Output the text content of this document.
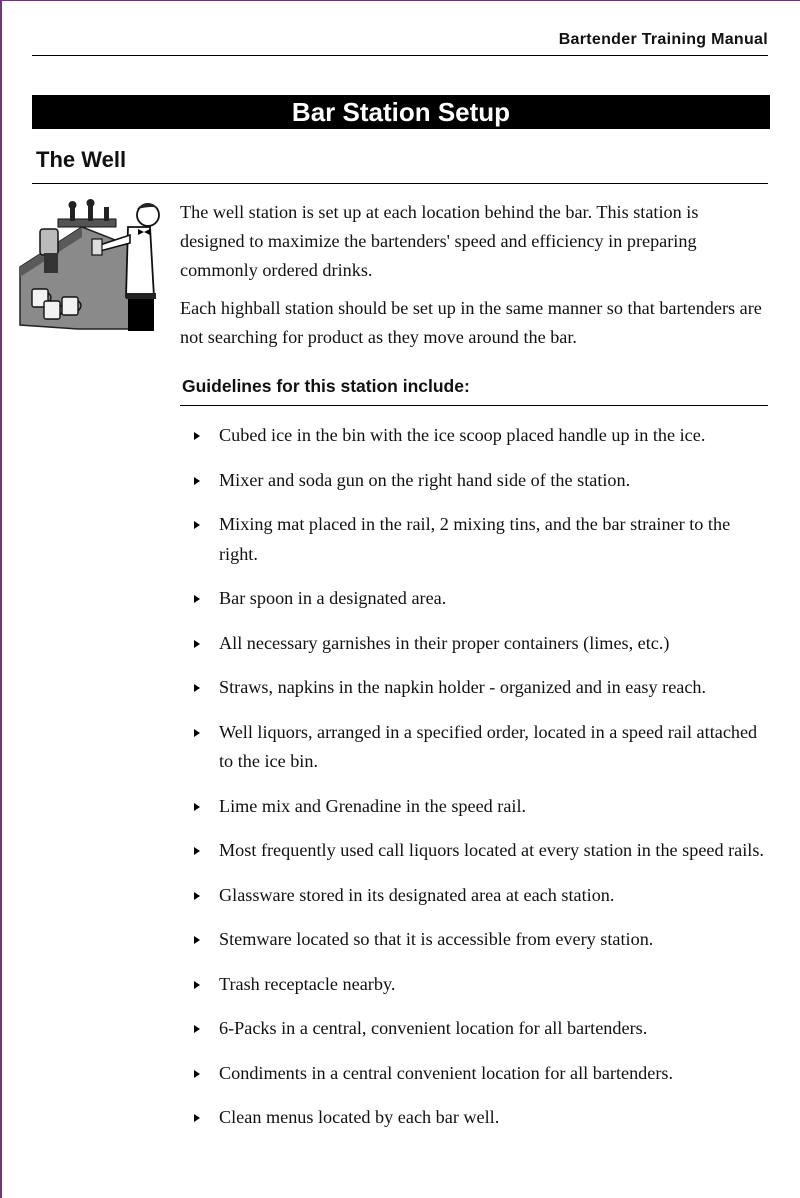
Bartender Training Manual
Bar Station Setup
The Well

The well station is set up at each location behind the bar. This station is designed to maximize the bartenders' speed and efficiency in preparing commonly ordered drinks.

Each highball station should be set up in the same manner so that bartenders are not searching for product as they move around the bar.

Guidelines for this station include:
Cubed ice in the bin with the ice scoop placed handle up in the ice.
Mixer and soda gun on the right hand side of the station.
Mixing mat placed in the rail, 2 mixing tins, and the bar strainer to the right.
Bar spoon in a designated area.
All necessary garnishes in their proper containers (limes, etc.)
Straws, napkins in the napkin holder - organized and in easy reach.
Well liquors, arranged in a specified order, located in a speed rail attached to the ice bin.
Lime mix and Grenadine in the speed rail.
Most frequently used call liquors located at every station in the speed rails.
Glassware stored in its designated area at each station.
Stemware located so that it is accessible from every station.
Trash receptacle nearby.
6-Packs in a central, convenient location for all bartenders.
Condiments in a central convenient location for all bartenders.
Clean menus located by each bar well.
